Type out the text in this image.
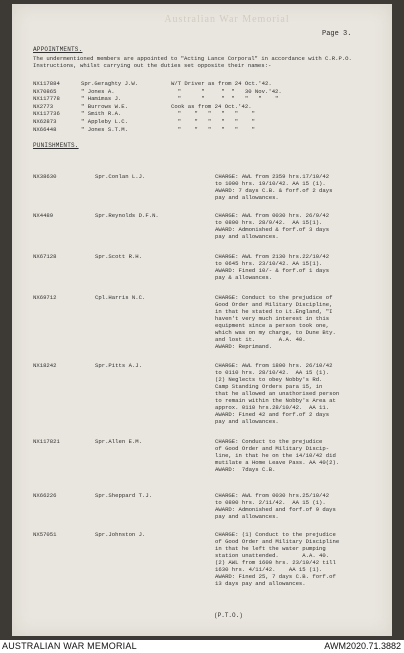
Australian War Memorial
Page 3.
APPOINTMENTS.
The undermentioned members are appointed to "Acting Lance Corporal" in accordance with C.R.P.O. Instructions, whilst carrying out the duties set opposite their names:-
NX117884	Spr.Geraghty J.W.	W/T Driver as from 24 Oct.'42.
NX70865	" Jones A.	"      "     "  "   30 Nov.'42.
NX117778	" Hamimas J.	"      "     "  "   "   "    "
NX2773	" Burrows W.E.	Cook as from 24 Oct.'42.
NX117736	" Smith R.A.	"    "   "   "   "    "
NX62873	" Appleby L.C.	"    "   "   "   "    "
NX66448	" Jones S.T.M.	"    "   "   "   "    "
PUNISHMENTS.
NX38630	Spr.Conlan L.J.	CHARGE: AWL from 2359 hrs.17/10/42
to 1000 hrs. 19/10/42. AA 15 (1).
AWARD: 7 days C.B. & forf.of 2 days
pay and allowances.
NX4489	Spr.Reynolds D.F.N.	CHARGE: AWL from 0030 hrs. 26/9/42
to 0800 hrs. 28/9/42.  AA 15(1).
AWARD: Admonished & forf.of 3 days
pay and allowances.
NX67128	Spr.Scott R.H.	CHARGE: AWL from 2130 hrs.22/10/42
to 0645 hrs. 23/10/42. AA 15(1).
AWARD: Fined 10/- & forf.of 1 days
pay & allowances.
NX69712	Cpl.Harris N.C.	CHARGE: Conduct to the prejudice of
Good Order and Military Discipline,
in that he stated to Lt.England, "I
haven't very much interest in this
equipment since a person took one,
which was on my charge, to Dune Bty.
and lost it.       A.A. 40.
AWARD: Reprimand.
NX18242	Spr.Pitts A.J.	CHARGE: AWL from 1800 hrs. 26/10/42
to 0110 hrs. 28/10/42.  AA 15 (1).
(2) Neglects to obey Nobby's Rd.
Camp Standing Orders para 15, in
that he allowed an unathorised person
to remain within the Nobby's Area at
approx. 0110 hrs.28/10/42.  AA 11.
AWARD: Fined 42 and forf.of 2 days
pay and allowances.
NX117821	Spr.Allen E.M.	CHARGE: Conduct to the prejudice
of Good Order and Military Discip-
line, in that he on the 14/10/42 did
mutilate a Home Leave Pass. AA 40(2).
AWARD:  7days C.B.
NX66226	Spr.Sheppard T.J.	CHARGE: AWL from 0030 hrs.25/10/42
to 0800 hrs. 2/11/42.  AA 15 (1).
AWARD: Admonished and forf.of 9 days
pay and allowances.
NX57051	Spr.Johnston J.	CHARGE: (1) Conduct to the prejudice
of Good Order and Military Discipline
in that he left the water pumping
station unattended.       A.A. 40.
(2) AWL from 1600 hrs. 23/10/42 till
1630 hrs. 4/11/42.    AA 15 (1).
AWARD: Fined 25, 7 days C.B. forf.of
13 days pay and allowances.
(P.T.O.)
AUSTRALIAN WAR MEMORIAL	AWM2020.71.3882
